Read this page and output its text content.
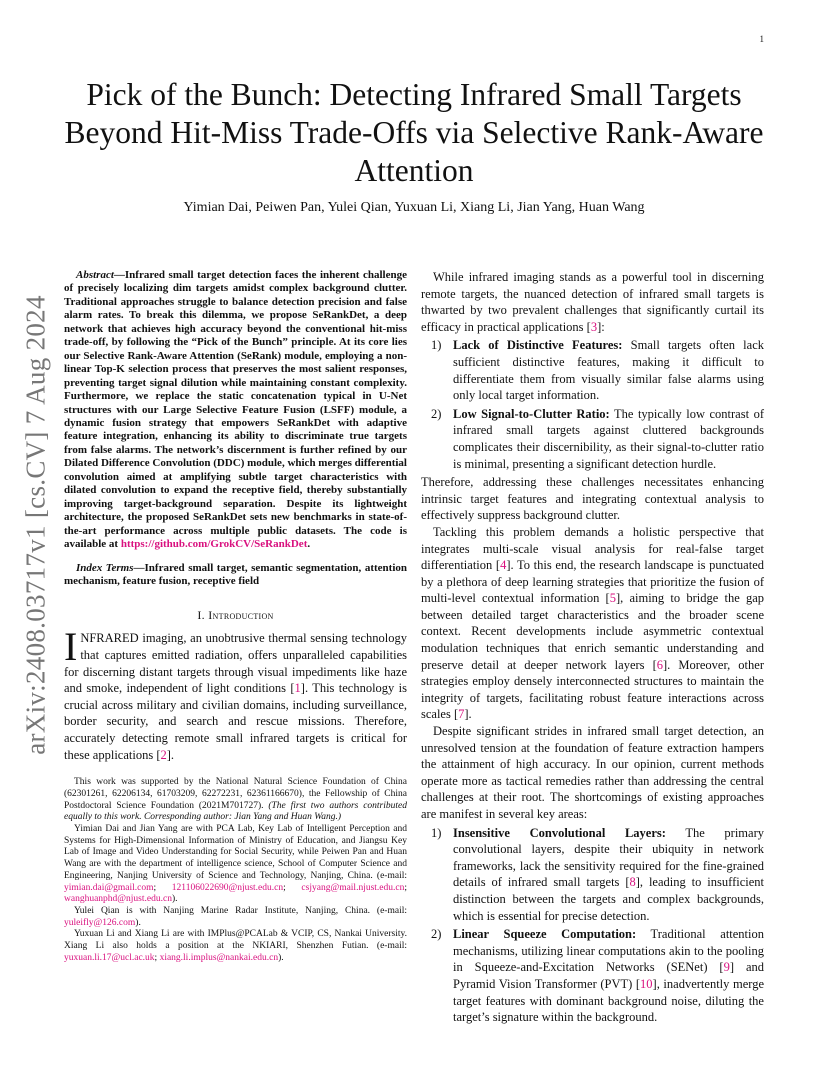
1
arXiv:2408.03717v1 [cs.CV] 7 Aug 2024
Pick of the Bunch: Detecting Infrared Small Targets Beyond Hit-Miss Trade-Offs via Selective Rank-Aware Attention
Yimian Dai, Peiwen Pan, Yulei Qian, Yuxuan Li, Xiang Li, Jian Yang, Huan Wang

Abstract—Infrared small target detection faces the inherent challenge of precisely localizing dim targets amidst complex background clutter. Traditional approaches struggle to balance detection precision and false alarm rates. To break this dilemma, we propose SeRankDet, a deep network that achieves high accuracy beyond the conventional hit-miss trade-off, by following the “Pick of the Bunch” principle. At its core lies our Selective Rank-Aware Attention (SeRank) module, employing a non-linear Top-K selection process that preserves the most salient responses, preventing target signal dilution while maintaining constant complexity. Furthermore, we replace the static concatenation typical in U-Net structures with our Large Selective Feature Fusion (LSFF) module, a dynamic fusion strategy that empowers SeRankDet with adaptive feature integration, enhancing its ability to discriminate true targets from false alarms. The network’s discernment is further refined by our Dilated Difference Convolution (DDC) module, which merges differential convolution aimed at amplifying subtle target characteristics with dilated convolution to expand the receptive field, thereby substantially improving target-background separation. Despite its lightweight architecture, the proposed SeRankDet sets new benchmarks in state-of-the-art performance across multiple public datasets. The code is available at https://github.com/GrokCV/SeRankDet.

Index Terms—Infrared small target, semantic segmentation, attention mechanism, feature fusion, receptive field

I. Introduction

INFRARED imaging, an unobtrusive thermal sensing technology that captures emitted radiation, offers unparalleled capabilities for discerning distant targets through visual impediments like haze and smoke, independent of light conditions [1]. This technology is crucial across military and civilian domains, including surveillance, border security, and search and rescue missions. Therefore, accurately detecting remote small infrared targets is critical for these applications [2].

This work was supported by the National Natural Science Foundation of China (62301261, 62206134, 61703209, 62272231, 62361166670), the Fellowship of China Postdoctoral Science Foundation (2021M701727). (The first two authors contributed equally to this work. Corresponding author: Jian Yang and Huan Wang.)

Yimian Dai and Jian Yang are with PCA Lab, Key Lab of Intelligent Perception and Systems for High-Dimensional Information of Ministry of Education, and Jiangsu Key Lab of Image and Video Understanding for Social Security, while Peiwen Pan and Huan Wang are with the department of intelligence science, School of Computer Science and Engineering, Nanjing University of Science and Technology, Nanjing, China. (e-mail: yimian.dai@gmail.com; 121106022690@njust.edu.cn; csjyang@mail.njust.edu.cn; wanghuanphd@njust.edu.cn).

Yulei Qian is with Nanjing Marine Radar Institute, Nanjing, China. (e-mail: yuleifly@126.com).

Yuxuan Li and Xiang Li are with IMPlus@PCALab & VCIP, CS, Nankai University. Xiang Li also holds a position at the NKIARI, Shenzhen Futian. (e-mail: yuxuan.li.17@ucl.ac.uk; xiang.li.implus@nankai.edu.cn).

While infrared imaging stands as a powerful tool in discerning remote targets, the nuanced detection of infrared small targets is thwarted by two prevalent challenges that significantly curtail its efficacy in practical applications [3]:

1) Lack of Distinctive Features: Small targets often lack sufficient distinctive features, making it difficult to differentiate them from visually similar false alarms using only local target information.
2) Low Signal-to-Clutter Ratio: The typically low contrast of infrared small targets against cluttered backgrounds complicates their discernibility, as their signal-to-clutter ratio is minimal, presenting a significant detection hurdle.

Therefore, addressing these challenges necessitates enhancing intrinsic target features and integrating contextual analysis to effectively suppress background clutter.

Tackling this problem demands a holistic perspective that integrates multi-scale visual analysis for real-false target differentiation [4]. To this end, the research landscape is punctuated by a plethora of deep learning strategies that prioritize the fusion of multi-level contextual information [5], aiming to bridge the gap between detailed target characteristics and the broader scene context. Recent developments include asymmetric contextual modulation techniques that enrich semantic understanding and preserve detail at deeper network layers [6]. Moreover, other strategies employ densely interconnected structures to maintain the integrity of targets, facilitating robust feature interactions across scales [7].

Despite significant strides in infrared small target detection, an unresolved tension at the foundation of feature extraction hampers the attainment of high accuracy. In our opinion, current methods operate more as tactical remedies rather than addressing the central challenges at their root. The shortcomings of existing approaches are manifest in several key areas:

1) Insensitive Convolutional Layers: The primary convolutional layers, despite their ubiquity in network frameworks, lack the sensitivity required for the fine-grained details of infrared small targets [8], leading to insufficient distinction between the targets and complex backgrounds, which is essential for precise detection.
2) Linear Squeeze Computation: Traditional attention mechanisms, utilizing linear computations akin to the pooling in Squeeze-and-Excitation Networks (SENet) [9] and Pyramid Vision Transformer (PVT) [10], inadvertently merge target features with dominant background noise, diluting the target’s signature within the background.
